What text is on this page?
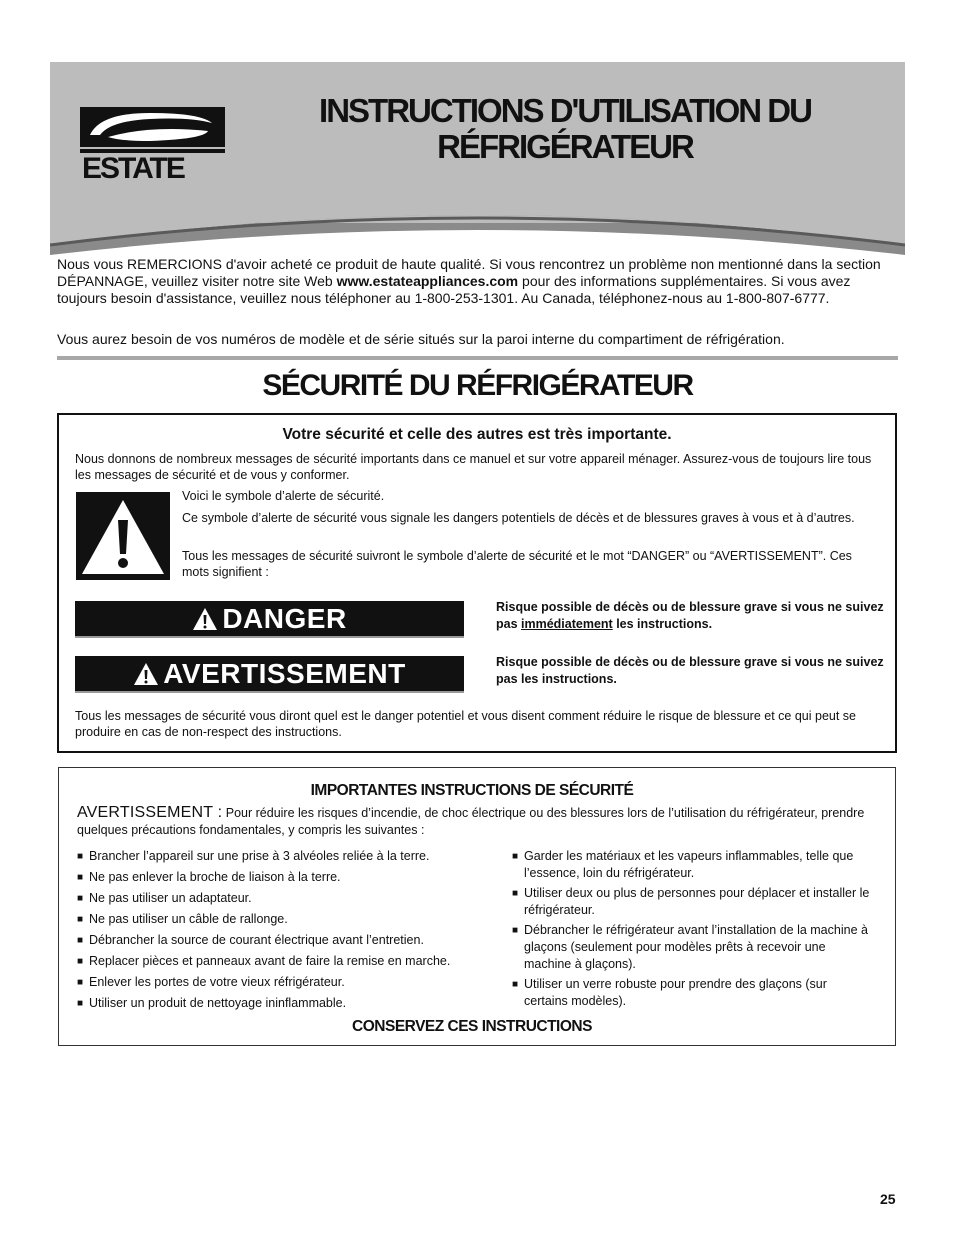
ESTATE
INSTRUCTIONS D'UTILISATION DU RÉFRIGÉRATEUR

Nous vous REMERCIONS d'avoir acheté ce produit de haute qualité. Si vous rencontrez un problème non mentionné dans la section DÉPANNAGE, veuillez visiter notre site Web www.estateappliances.com pour des informations supplémentaires. Si vous avez toujours besoin d'assistance, veuillez nous téléphoner au 1-800-253-1301. Au Canada, téléphonez-nous au 1-800-807-6777.

Vous aurez besoin de vos numéros de modèle et de série situés sur la paroi interne du compartiment de réfrigération.

SÉCURITÉ DU RÉFRIGÉRATEUR
Votre sécurité et celle des autres est très importante.

Nous donnons de nombreux messages de sécurité importants dans ce manuel et sur votre appareil ménager. Assurez-vous de toujours lire tous les messages de sécurité et de vous y conformer.

Voici le symbole d’alerte de sécurité.

Ce symbole d’alerte de sécurité vous signale les dangers potentiels de décès et de blessures graves à vous et à d’autres.

Tous les messages de sécurité suivront le symbole d’alerte de sécurité et le mot “DANGER” ou “AVERTISSEMENT”. Ces mots signifient :

DANGER	Risque possible de décès ou de blessure grave si vous ne suivez pas immédiatement les instructions.

AVERTISSEMENT	Risque possible de décès ou de blessure grave si vous ne suivez pas les instructions.

Tous les messages de sécurité vous diront quel est le danger potentiel et vous disent comment réduire le risque de blessure et ce qui peut se produire en cas de non-respect des instructions.

IMPORTANTES INSTRUCTIONS DE SÉCURITÉ

AVERTISSEMENT : Pour réduire les risques d’incendie, de choc électrique ou des blessures lors de l’utilisation du réfrigérateur, prendre quelques précautions fondamentales, y compris les suivantes :

■ Brancher l’appareil sur une prise à 3 alvéoles reliée à la terre.
■ Ne pas enlever la broche de liaison à la terre.
■ Ne pas utiliser un adaptateur.
■ Ne pas utiliser un câble de rallonge.
■ Débrancher la source de courant électrique avant l’entretien.
■ Replacer pièces et panneaux avant de faire la remise en marche.
■ Enlever les portes de votre vieux réfrigérateur.
■ Utiliser un produit de nettoyage ininflammable.
■ Garder les matériaux et les vapeurs inflammables, telle que l’essence, loin du réfrigérateur.
■ Utiliser deux ou plus de personnes pour déplacer et installer le réfrigérateur.
■ Débrancher le réfrigérateur avant l’installation de la machine à glaçons (seulement pour modèles prêts à recevoir une machine à glaçons).
■ Utiliser un verre robuste pour prendre des glaçons (sur certains modèles).
CONSERVEZ CES INSTRUCTIONS
25
